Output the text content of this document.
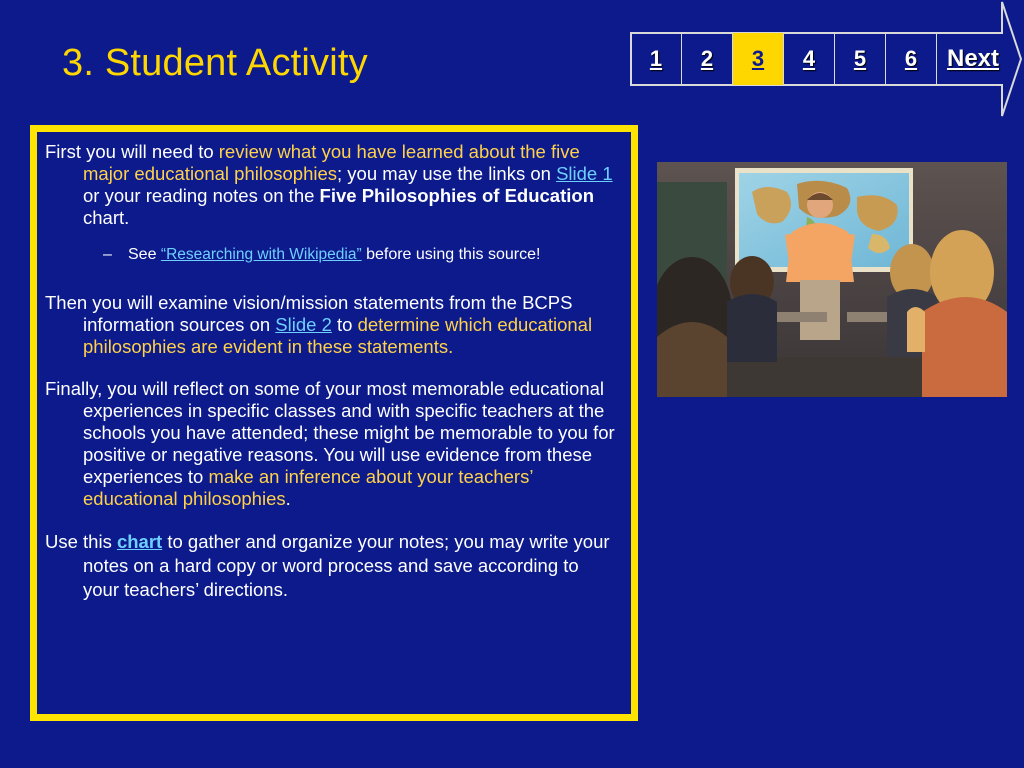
3. Student Activity	1	2	3	4	5	6	Next

First you will need to review what you have learned about the five major educational philosophies; you may use the links on Slide 1 or your reading notes on the Five Philosophies of Education chart.

– See “Researching with Wikipedia” before using this source!

Then you will examine vision/mission statements from the BCPS information sources on Slide 2 to determine which educational philosophies are evident in these statements.

Finally, you will reflect on some of your most memorable educational experiences in specific classes and with specific teachers at the schools you have attended; these might be memorable to you for positive or negative reasons. You will use evidence from these experiences to make an inference about your teachers’ educational philosophies.

Use this chart to gather and organize your notes; you may write your notes on a hard copy or word process and save according to your teachers’ directions.
